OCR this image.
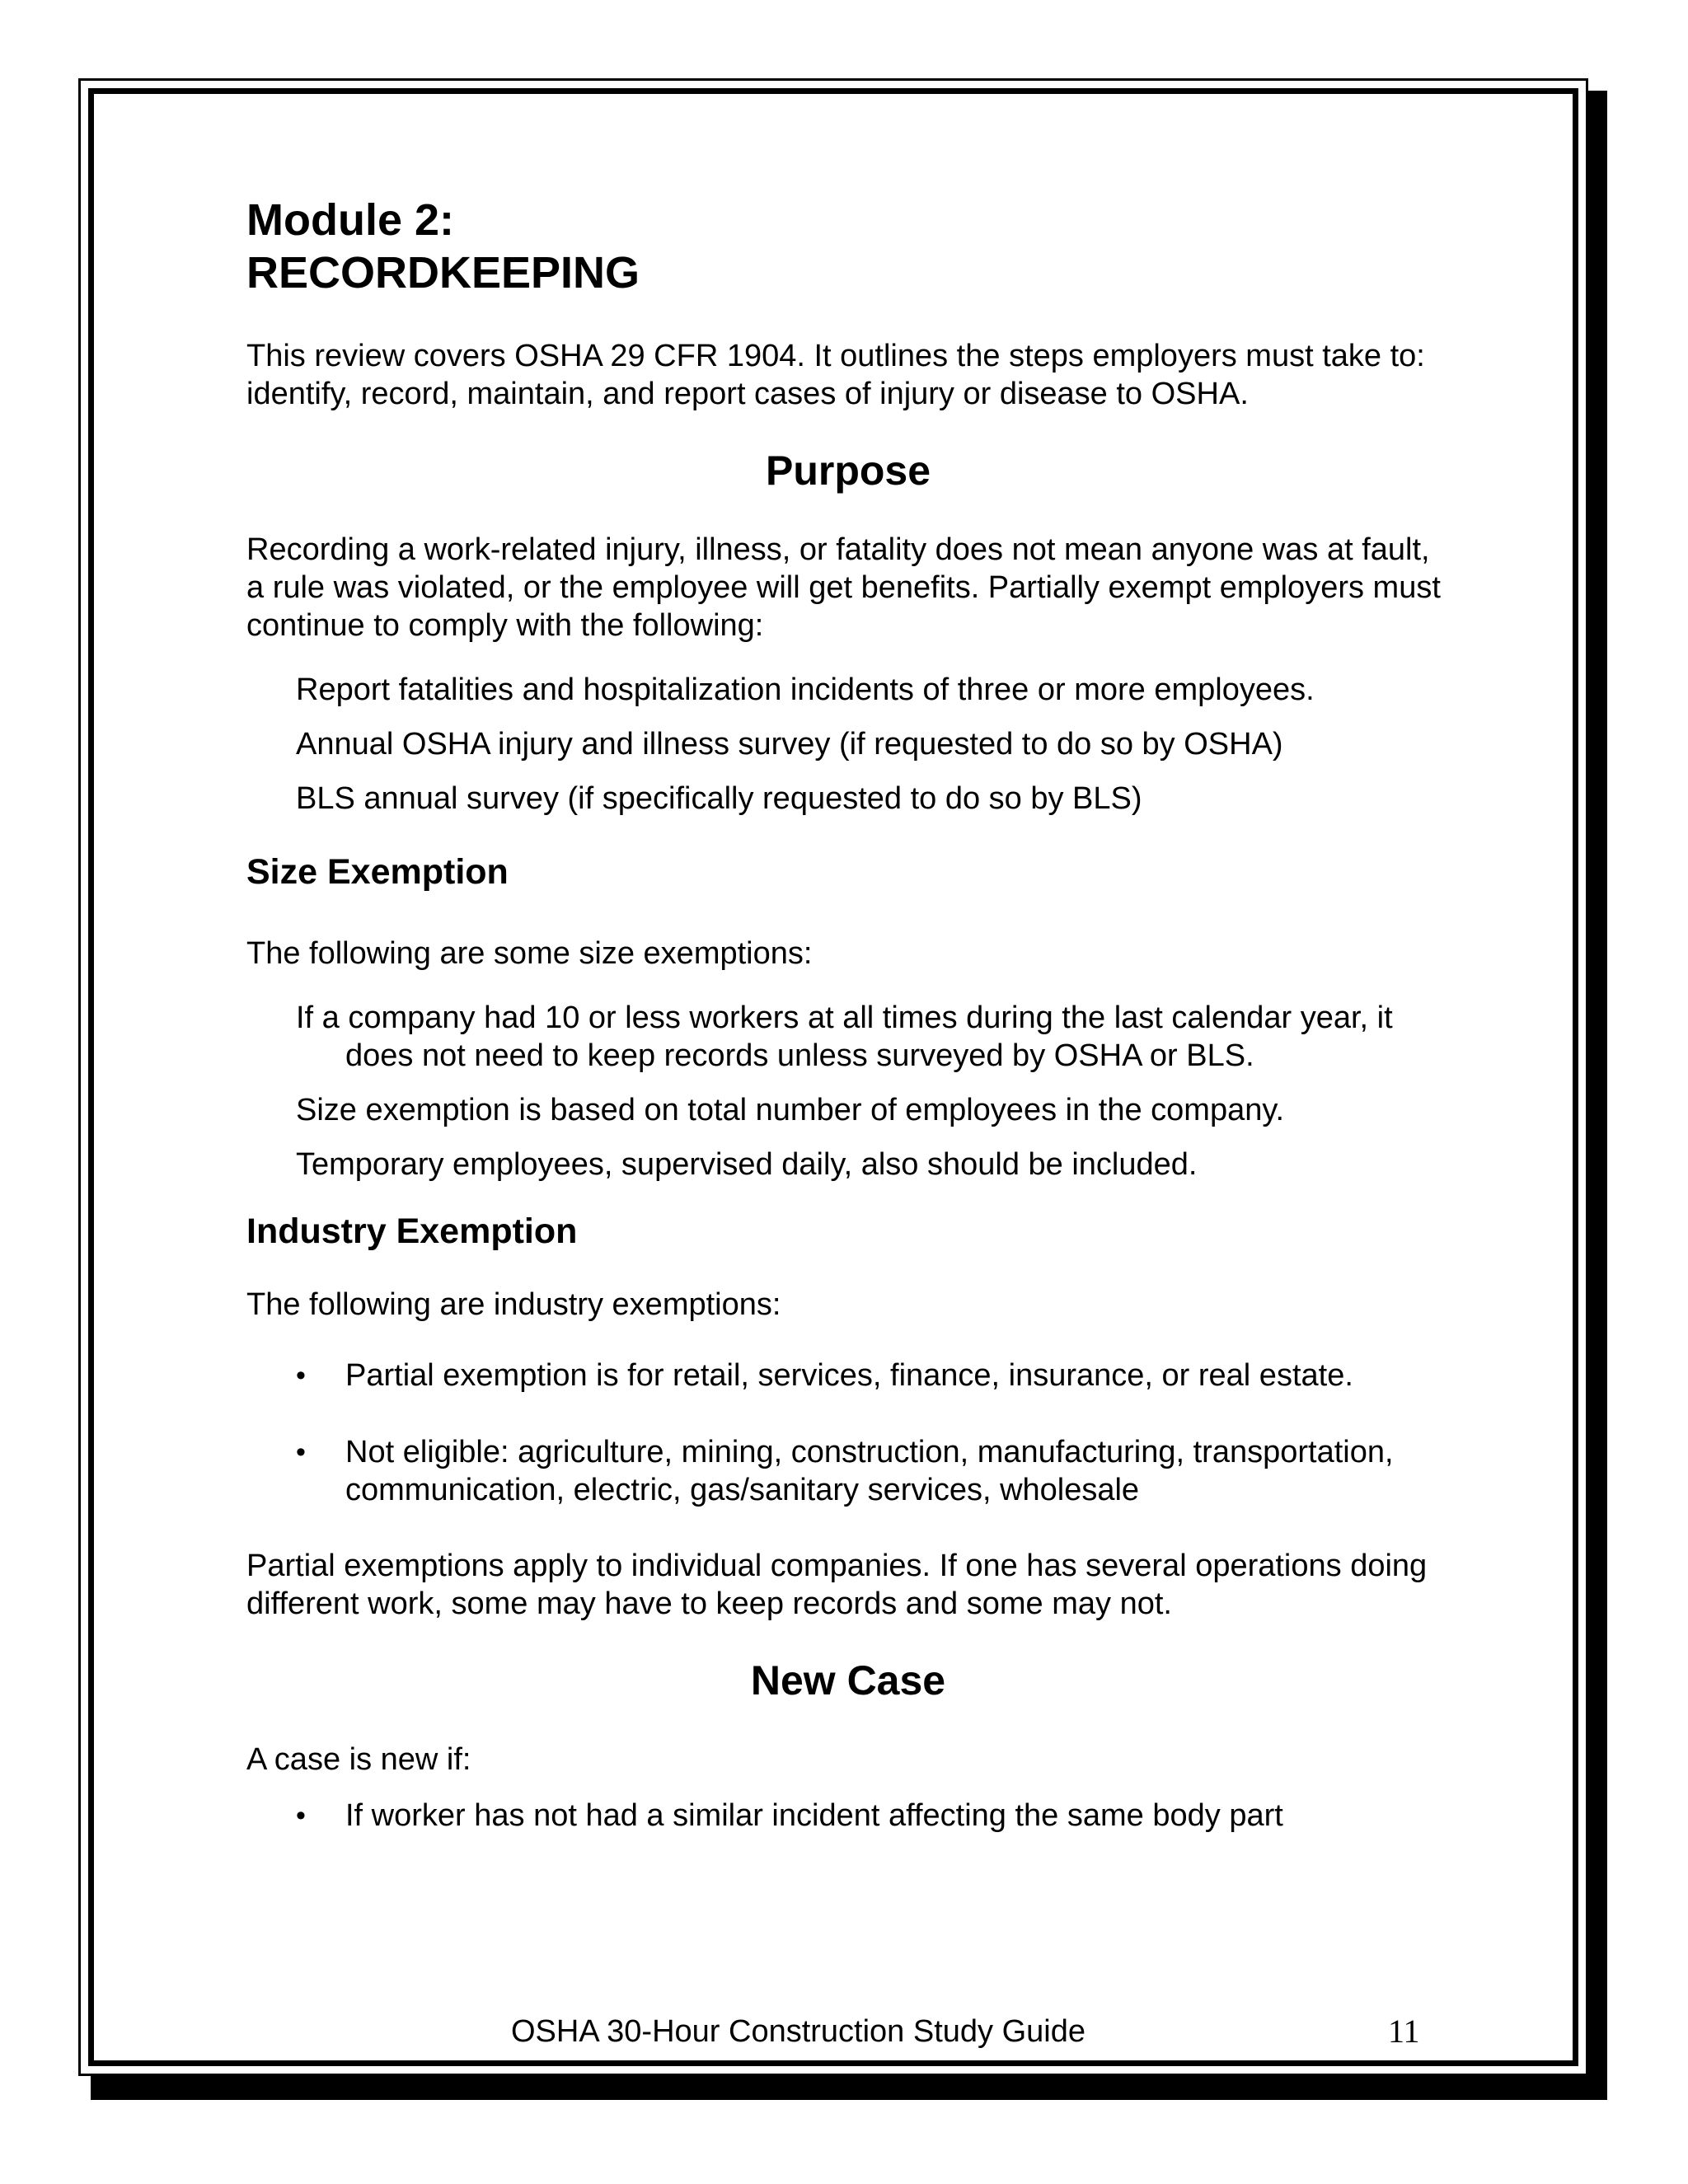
Module 2:
RECORDKEEPING

This review covers OSHA 29 CFR 1904. It outlines the steps employers must take to: identify, record, maintain, and report cases of injury or disease to OSHA.

Purpose

Recording a work-related injury, illness, or fatality does not mean anyone was at fault, a rule was violated, or the employee will get benefits. Partially exempt employers must continue to comply with the following:

Report fatalities and hospitalization incidents of three or more employees.
Annual OSHA injury and illness survey (if requested to do so by OSHA)
BLS annual survey (if specifically requested to do so by BLS)
Size Exemption

The following are some size exemptions:

If a company had 10 or less workers at all times during the last calendar year, it does not need to keep records unless surveyed by OSHA or BLS.
Size exemption is based on total number of employees in the company.
Temporary employees, supervised daily, also should be included.
Industry Exemption

The following are industry exemptions:

•	Partial exemption is for retail, services, finance, insurance, or real estate.
•	Not eligible: agriculture, mining, construction, manufacturing, transportation, communication, electric, gas/sanitary services, wholesale

Partial exemptions apply to individual companies. If one has several operations doing different work, some may have to keep records and some may not.

New Case

A case is new if:

•	If worker has not had a similar incident affecting the same body part
OSHA 30-Hour Construction Study Guide	11
